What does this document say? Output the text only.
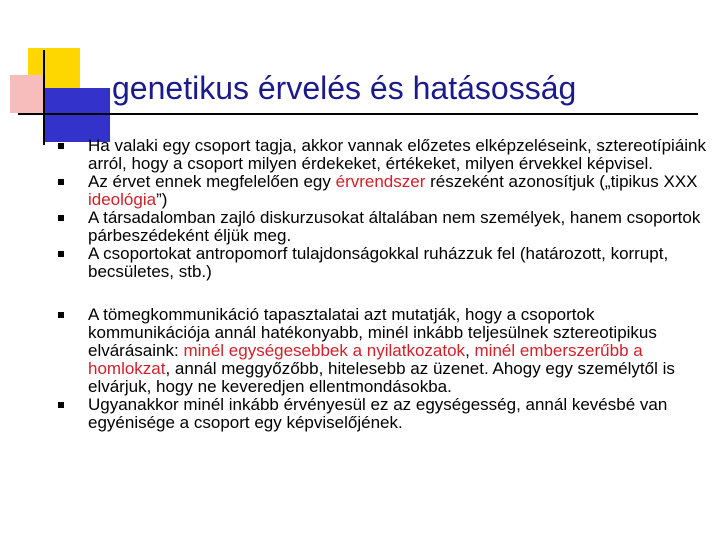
genetikus érvelés és hatásosság
Ha valaki egy csoport tagja, akkor vannak előzetes elképzeléseink, sztereotípiáink arról, hogy a csoport milyen érdekeket, értékeket, milyen érvekkel képvisel.
Az érvet ennek megfelelően egy érvrendszer részeként azonosítjuk („tipikus XXX ideológia”)
A társadalomban zajló diskurzusokat általában nem személyek, hanem csoportok párbeszédeként éljük meg.
A csoportokat antropomorf tulajdonságokkal ruházzuk fel (határozott, korrupt, becsületes, stb.)
A tömegkommunikáció tapasztalatai azt mutatják, hogy a csoportok kommunikációja annál hatékonyabb, minél inkább teljesülnek sztereotipikus elvárásaink: minél egységesebbek a nyilatkozatok, minél emberszerűbb a homlokzat, annál meggyőzőbb, hitelesebb az üzenet. Ahogy egy személytől is elvárjuk, hogy ne keveredjen ellentmondásokba.
Ugyanakkor minél inkább érvényesül ez az egységesség, annál kevésbé van egyénisége a csoport egy képviselőjének.
